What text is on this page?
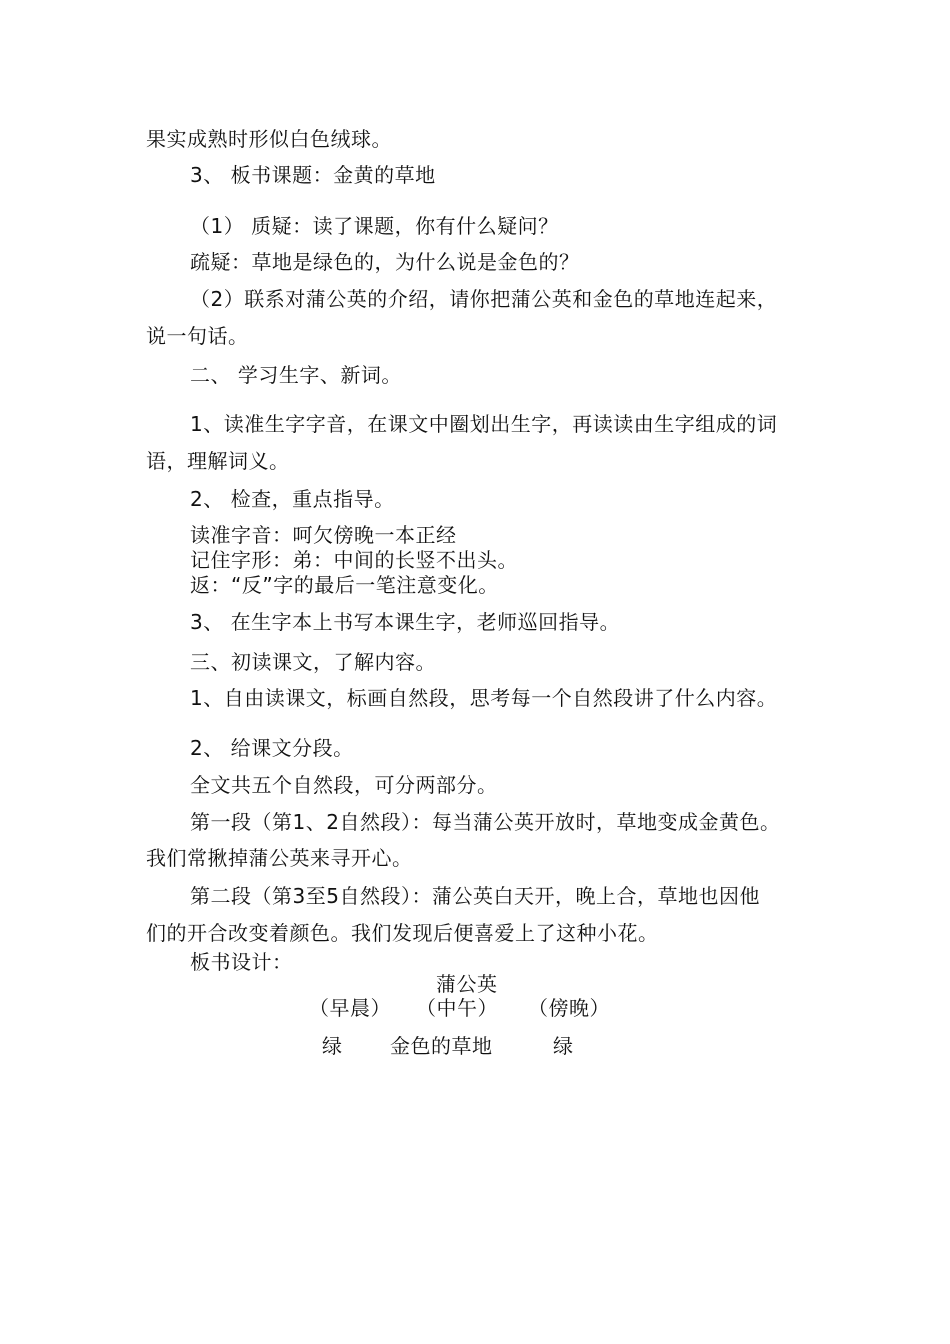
果实成熟时形似白色绒球。
3、 板书课题：金黄的草地
（1） 质疑：读了课题，你有什么疑问？
疏疑：草地是绿色的，为什么说是金色的？
（2）联系对蒲公英的介绍，请你把蒲公英和金色的草地连起来，
说一句话。
二、 学习生字、新词。
1、读准生字字音，在课文中圈划出生字，再读读由生字组成的词
语，理解词义。
2、 检查，重点指导。
读准字音：呵欠傍晚一本正经
记住字形：弟：中间的长竖不出头。
返：“反”字的最后一笔注意变化。
3、 在生字本上书写本课生字，老师巡回指导。
三、初读课文，了解内容。
1、自由读课文，标画自然段，思考每一个自然段讲了什么内容。
2、 给课文分段。
全文共五个自然段，可分两部分。
第一段（第1、2自然段）：每当蒲公英开放时，草地变成金黄色。
我们常揪掉蒲公英来寻开心。
第二段（第3至5自然段）：蒲公英白天开，晚上合，草地也因他
们的开合改变着颜色。我们发现后便喜爱上了这种小花。
板书设计：
蒲公英
（早晨） （中午） （傍晚）
绿 金色的草地	绿
